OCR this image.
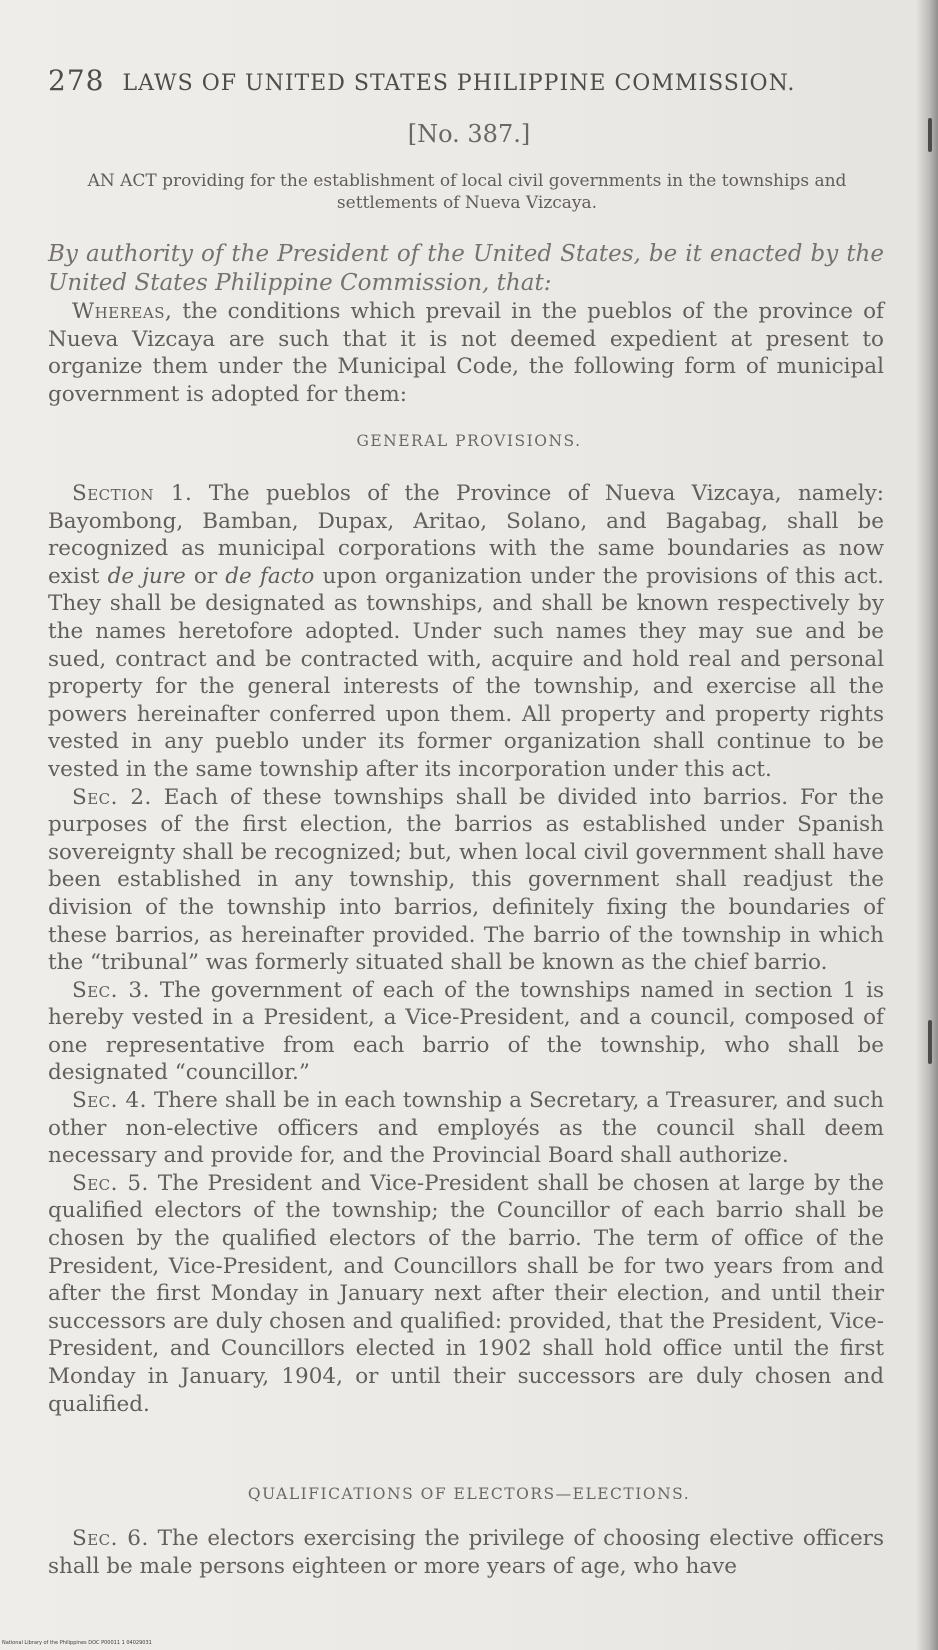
278 LAWS OF UNITED STATES PHILIPPINE COMMISSION.
[No. 387.]
AN ACT providing for the establishment of local civil governments in the townships and settlements of Nueva Vizcaya.
By authority of the President of the United States, be it enacted by the United States Philippine Commission, that:

Whereas, the conditions which prevail in the pueblos of the province of Nueva Vizcaya are such that it is not deemed expedient at present to organize them under the Municipal Code, the following form of municipal government is adopted for them:

GENERAL PROVISIONS.

Section 1. The pueblos of the Province of Nueva Vizcaya, namely: Bayombong, Bamban, Dupax, Aritao, Solano, and Bagabag, shall be recognized as municipal corporations with the same boundaries as now exist de jure or de facto upon organization under the provisions of this act. They shall be designated as townships, and shall be known respectively by the names heretofore adopted. Under such names they may sue and be sued, contract and be contracted with, acquire and hold real and personal property for the general interests of the township, and exercise all the powers hereinafter conferred upon them. All property and property rights vested in any pueblo under its former organization shall continue to be vested in the same township after its incorporation under this act.

Sec. 2. Each of these townships shall be divided into barrios. For the purposes of the first election, the barrios as established under Spanish sovereignty shall be recognized; but, when local civil government shall have been established in any township, this government shall readjust the division of the township into barrios, definitely fixing the boundaries of these barrios, as hereinafter provided. The barrio of the township in which the “tribunal” was formerly situated shall be known as the chief barrio.

Sec. 3. The government of each of the townships named in section 1 is hereby vested in a President, a Vice-President, and a council, composed of one representative from each barrio of the township, who shall be designated “councillor.”

Sec. 4. There shall be in each township a Secretary, a Treasurer, and such other non-elective officers and employés as the council shall deem necessary and provide for, and the Provincial Board shall authorize.

Sec. 5. The President and Vice-President shall be chosen at large by the qualified electors of the township; the Councillor of each barrio shall be chosen by the qualified electors of the barrio. The term of office of the President, Vice-President, and Councillors shall be for two years from and after the first Monday in January next after their election, and until their successors are duly chosen and qualified: provided, that the President, Vice-President, and Councillors elected in 1902 shall hold office until the first Monday in January, 1904, or until their successors are duly chosen and qualified.

QUALIFICATIONS OF ELECTORS—ELECTIONS.

Sec. 6. The electors exercising the privilege of choosing elective officers shall be male persons eighteen or more years of age, who have

National Library of the Philippines DOC P00011 1 04029031
